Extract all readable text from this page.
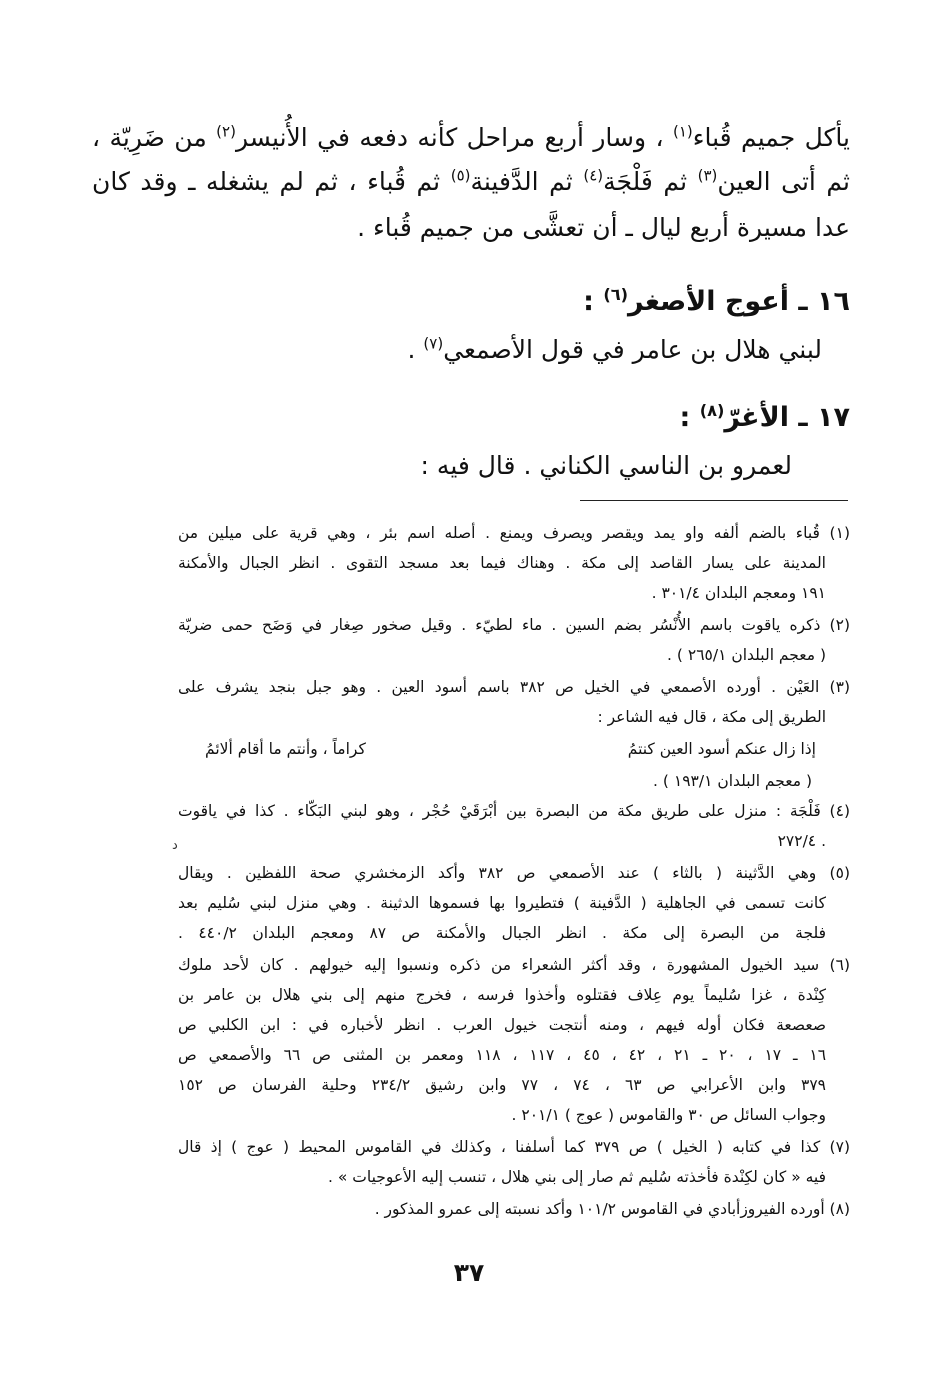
يأكل جميم قُباء$^{(١)}$ ، وسار أربع مراحل كأنه دفعه في الأُنيسر$^{(٢)}$ من ضَرِيّة ،
ثم أتى العين$^{(٣)}$ ثم فَلْجَة$^{(٤)}$ ثم الدَّفينة$^{(٥)}$ ثم قُباء ، ثم لم يشغله ـ وقد كان
عدا مسيرة أربع ليال ـ أن تعشَّى من جميم قُباء .
١٦ ـ أعوج الأصغر$^{(٦)}$ :
لبني هلال بن عامر في قول الأصمعي$^{(٧)}$ .
١٧ ـ الأغرّ$^{(٨)}$ :
لعمرو بن الناسي الكناني . قال فيه :
(١) قُباء بالضم ألفه واو يمد ويقصر ويصرف ويمنع . أصله اسم بئر ، وهي قرية على ميلين من
المدينة على يسار القاصد إلى مكة . وهناك فيما بعد مسجد التقوى . انظر الجبال والأمكنة
١٩١ ومعجم البلدان ٣٠١/٤ .
(٢) ذكره ياقوت باسم الأُنْسُر بضم السين . ماء لطيّء . وقيل صخور صِغار في وَضَح حمى ضريّة
( معجم البلدان ٢٦٥/١ ) .
(٣) العَيْن . أورده الأصمعي في الخيل ص ٣٨٢ باسم أسود العين . وهو جبل بنجد يشرف على
الطريق إلى مكة ، قال فيه الشاعر :
إذا زال عنكم أسود العين كنتمُ
كراماً ، وأنتم ما أقام ألائمُ
( معجم البلدان ١٩٣/١ ) .
(٤) فَلْجَة : منزل على طريق مكة من البصرة بين أبْرَقَيْ حُجْر ، وهو لبني البَكّاء . كذا في ياقوت
٢٧٢/٤ .
د
(٥) وهي الدَّثينة ( بالثاء ) عند الأصمعي ص ٣٨٢ وأكد الزمخشري صحة اللفظين . ويقال
كانت تسمى في الجاهلية ( الدَّفينة ) فتطيروا بها فسموها الدثينة . وهي منزل لبني سُليم بعد
فلجة من البصرة إلى مكة . انظر الجبال والأمكنة ص ٨٧ ومعجم البلدان ٤٤٠/٢ .
(٦) سيد الخيول المشهورة ، وقد أكثر الشعراء من ذكره ونسبوا إليه خيولهم . كان لأحد ملوك
كِنْدة ، غزا سُليماً يوم عِلاف فقتلوه وأخذوا فرسه ، فخرج منهم إلى بني هلال بن عامر بن
صعصعة فكان أوله فيهم ، ومنه أنتجت خيول العرب . انظر لأخباره في : ابن الكلبي ص
١٦ ـ ١٧ ، ٢٠ ـ ٢١ ، ٤٢ ، ٤٥ ، ١١٧ ، ١١٨ ومعمر بن المثنى ص ٦٦ والأصمعي ص
٣٧٩ وابن الأعرابي ص ٦٣ ، ٧٤ ، ٧٧ وابن رشيق ٢٣٤/٢ وحلية الفرسان ص ١٥٢
وجواب السائل ص ٣٠ والقاموس ( عوج ) ٢٠١/١ .
(٧) كذا في كتابه ( الخيل ) ص ٣٧٩ كما أسلفنا ، وكذلك في القاموس المحيط ( عوج ) إذ قال
فيه « كان لكِنْدة فأخذته سُليم ثم صار إلى بني هلال ، تنسب إليه الأعوجيات » .
(٨) أورده الفيروزأبادي في القاموس ١٠١/٢ وأكد نسبته إلى عمرو المذكور .
٣٧
